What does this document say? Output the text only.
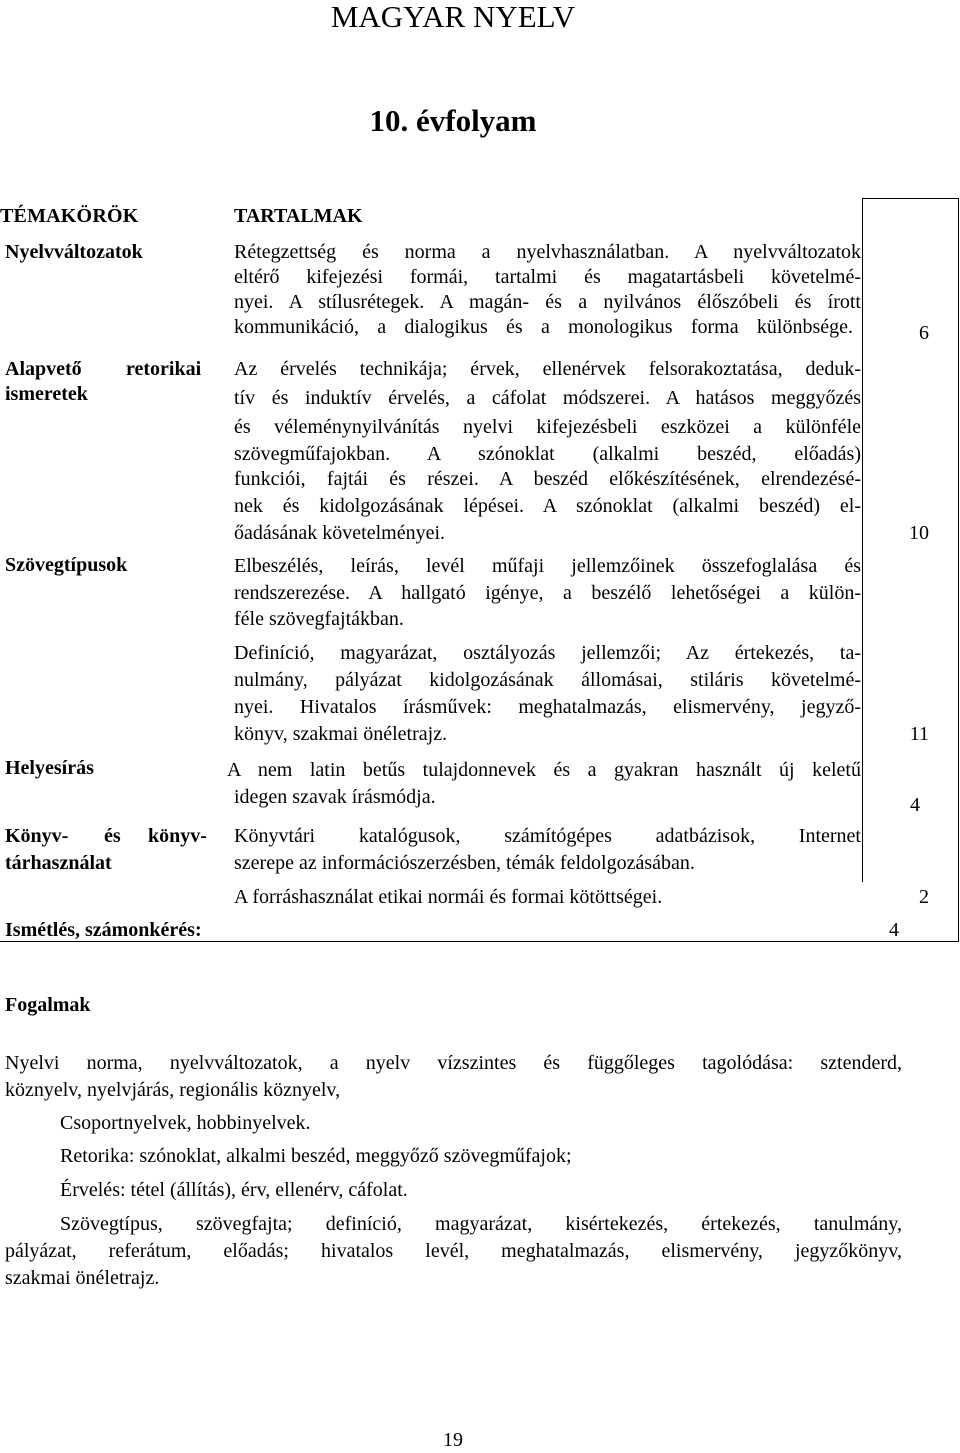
MAGYAR NYELV
10. évfolyam
TÉMAKÖRÖK	TARTALMAK
Nyelvváltozatok	Rétegzettség és norma a nyelvhasználatban. A nyelvváltozatok
eltérő kifejezési formái, tartalmi és magatartásbeli követelmé-
nyei. A stílusrétegek. A magán- és a nyilvános élőszóbeli és írott
kommunikáció, a dialogikus és a monologikus forma különbsége.	6
Alapvető retorikai
ismeretek
Az érvelés technikája; érvek, ellenérvek felsorakoztatása, deduk-
tív és induktív érvelés, a cáfolat módszerei. A hatásos meggyőzés
és véleménynyilvánítás nyelvi kifejezésbeli eszközei a különféle
szövegműfajokban. A szónoklat (alkalmi beszéd, előadás)
funkciói, fajtái és részei. A beszéd előkészítésének, elrendezésé-
nek és kidolgozásának lépései. A szónoklat (alkalmi beszéd) el-
őadásának követelményei.	10
Szövegtípusok	Elbeszélés, leírás, levél műfaji jellemzőinek összefoglalása és
rendszerezése. A hallgató igénye, a beszélő lehetőségei a külön-
féle szövegfajtákban.
Definíció, magyarázat, osztályozás jellemzői; Az értekezés, ta-
nulmány, pályázat kidolgozásának állomásai, stiláris követelmé-
nyei. Hivatalos írásművek: meghatalmazás, elismervény, jegyző-
könyv, szakmai önéletrajz.	11
Helyesírás	A nem latin betűs tulajdonnevek és a gyakran használt új keletű
idegen szavak írásmódja.	4
Könyv- és könyv-
tárhasználat
Könyvtári katalógusok, számítógépes adatbázisok, Internet
szerepe az információszerzésben, témák feldolgozásában.
A forráshasználat etikai normái és formai kötöttségei.	2
Ismétlés, számonkérés:	4
Fogalmak
Nyelvi norma, nyelvváltozatok, a nyelv vízszintes és függőleges tagolódása: sztenderd,
köznyelv, nyelvjárás, regionális köznyelv,
Csoportnyelvek, hobbinyelvek.
Retorika: szónoklat, alkalmi beszéd, meggyőző szövegműfajok;
Érvelés: tétel (állítás), érv, ellenérv, cáfolat.
Szövegtípus, szövegfajta; definíció, magyarázat, kisértekezés, értekezés, tanulmány,
pályázat, referátum, előadás; hivatalos levél, meghatalmazás, elismervény, jegyzőkönyv,
szakmai önéletrajz.
19
